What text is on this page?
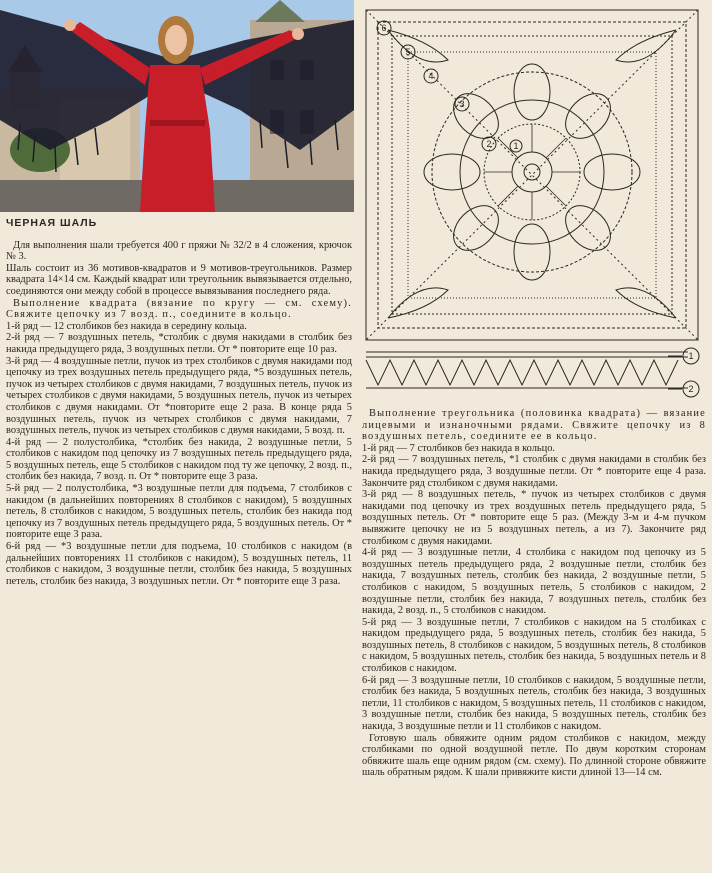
ЧЕРНАЯ ШАЛЬ

Для выполнения шали требуется 400 г пряжи № 32/2 в 4 сложения, крючок № 3.

Шаль состоит из 36 мотивов-квадратов и 9 мотивов-треугольников. Размер квадрата 14×14 см. Каждый квадрат или треугольник вывязывается отдельно, соединяются они между собой в процессе вывязывания последнего ряда.

Выполнение квадрата (вязание по кругу — см. схему). Свяжите цепочку из 7 возд. п., соедините в кольцо.

1-й ряд — 12 столбиков без накида в середину кольца.

2-й ряд — 7 воздушных петель, *столбик с двумя накидами в столбик без накида предыдущего ряда, 3 воздушных петли. От * повторите еще 10 раз.

3-й ряд — 4 воздушные петли, пучок из трех столбиков с двумя накидами под цепочку из трех воздушных петель предыдущего ряда, *5 воздушных петель, пучок из четырех столбиков с двумя накидами, 7 воздушных петель, пучок из четырех столбиков с двумя накидами, 5 воздушных петель, пучок из четырех столбиков с двумя накидами. От *повторите еще 2 раза. В конце ряда 5 воздушных петель, пучок из четырех столбиков с двумя накидами, 7 воздушных петель, пучок из четырех столбиков с двумя накидами, 5 возд. п.

4-й ряд — 2 полустолбика, *столбик без накида, 2 воздушные петли, 5 столбиков с накидом под цепочку из 7 воздушных петель предыдущего ряда, 5 воздушных петель, еще 5 столбиков с накидом под ту же цепочку, 2 возд. п., столбик без накида, 7 возд. п. От * повторите еще 3 раза.

5-й ряд — 2 полустолбика, *3 воздушные петли для подъема, 7 столбиков с накидом (в дальнейших повторениях 8 столбиков с накидом), 5 воздушных петель, 8 столбиков с накидом, 5 воздушных петель, столбик без накида под цепочку из 7 воздушных петель предыдущего ряда, 5 воздушных петель. От * повторите еще 3 раза.

6-й ряд — *3 воздушные петли для подъема, 10 столбиков с накидом (в дальнейших повторениях 11 столбиков с накидом), 5 воздушных петель, 11 столбиков с накидом, 3 воздушные петли, столбик без накида, 5 воздушных петель, столбик без накида, 3 воздушных петли. От * повторите еще 3 раза.

6
5
4
3
2 1
1
2

Выполнение треугольника (половинка квадрата) — вязание лицевыми и изнаночными рядами. Свяжите цепочку из 8 воздушных петель, соедините ее в кольцо.

1-й ряд — 7 столбиков без накида в кольцо.

2-й ряд — 7 воздушных петель, *1 столбик с двумя накидами в столбик без накида предыдущего ряда, 3 воздушные петли. От * повторите еще 4 раза. Закончите ряд столбиком с двумя накидами.

3-й ряд — 8 воздушных петель, * пучок из четырех столбиков с двумя накидами под цепочку из трех воздушных петель предыдущего ряда, 5 воздушных петель. От * повторите еще 5 раз. (Между 3-м и 4-м пучком вывяжите цепочку не из 5 воздушных петель, а из 7). Закончите ряд столбиком с двумя накидами.

4-й ряд — 3 воздушные петли, 4 столбика с накидом под цепочку из 5 воздушных петель предыдущего ряда, 2 воздушные петли, столбик без накида, 7 воздушных петель, столбик без накида, 2 воздушные петли, 5 столбиков с накидом, 5 воздушных петель, 5 столбиков с накидом, 2 воздушные петли, столбик без накида, 7 воздушных петель, столбик без накида, 2 возд. п., 5 столбиков с накидом.

5-й ряд — 3 воздушные петли, 7 столбиков с накидом на 5 столбиках с накидом предыдущего ряда, 5 воздушных петель, столбик без накида, 5 воздушных петель, 8 столбиков с накидом, 5 воздушных петель, 8 столбиков с накидом, 5 воздушных петель, столбик без накида, 5 воздушных петель и 8 столбиков с накидом.

6-й ряд — 3 воздушные петли, 10 столбиков с накидом, 5 воздушные петли, столбик без накида, 5 воздушных петель, столбик без накида, 3 воздушных петли, 11 столбиков с накидом, 5 воздушных петель, 11 столбиков с накидом, 3 воздушные петли, столбик без накида, 5 воздушных петель, столбик без накида, 3 воздушные петли и 11 столбиков с накидом.

Готовую шаль обвяжите одним рядом столбиков с накидом, между столбиками по одной воздушной петле. По двум коротким сторонам обвяжите шаль еще одним рядом (см. схему). По длинной стороне обвяжите шаль обратным рядом. К шали привяжите кисти длиной 13—14 см.
